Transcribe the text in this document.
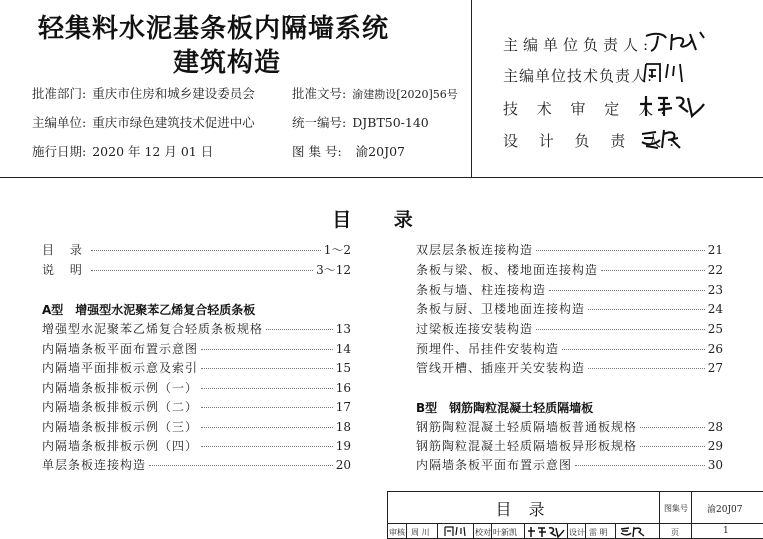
轻集料水泥基条板内隔墙系统
建筑构造
批准部门: 重庆市住房和城乡建设委员会	批准文号: 渝建勘设[2020]56号
主编单位: 重庆市绿色建筑技术促进中心	统一编号: DJBT50-140
施行日期: 2020 年 12 月 01 日	图 集 号: 渝20J07
主编单位负责人:
主编单位技术负责人:
技 术 审 定 人:
设 计 负 责 人:
目 录
目 录	1～2
说 明	3～12
A型　增强型水泥聚苯乙烯复合轻质条板
增强型水泥聚苯乙烯复合轻质条板规格	13
内隔墙条板平面布置示意图	14
内隔墙平面排板示意及索引	15
内隔墙条板排板示例（一）	16
内隔墙条板排板示例（二）	17
内隔墙条板排板示例（三）	18
内隔墙条板排板示例（四）	19
单层条板连接构造	20
双层层条板连接构造	21
条板与梁、板、楼地面连接构造	22
条板与墙、柱连接构造	23
条板与厨、卫楼地面连接构造	24
过梁板连接安装构造	25
预埋件、吊挂件安装构造	26
管线开槽、插座开关安装构造	27
B型　钢筋陶粒混凝土轻质隔墙板
钢筋陶粒混凝土轻质隔墙板普通板规格	28
钢筋陶粒混凝土轻质隔墙板异形板规格	29
内隔墙条板平面布置示意图	30
目 录	图集号 渝20J07
审核 周 川	校对 叶新凯	设计 雷 明	页	1
